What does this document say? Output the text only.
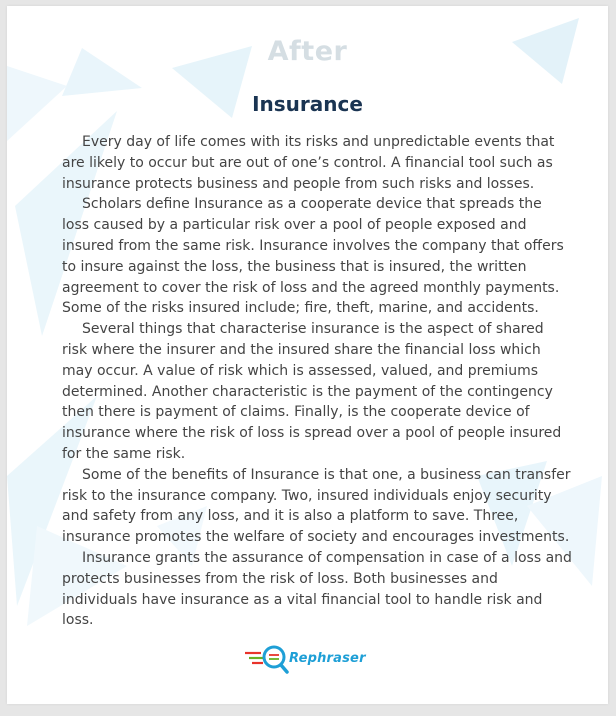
After
Insurance

Every day of life comes with its risks and unpredictable events that are likely to occur but are out of one’s control. A financial tool such as insurance protects business and people from such risks and losses.

Scholars define Insurance as a cooperate device that spreads the loss caused by a particular risk over a pool of people exposed and insured from the same risk. Insurance involves the company that offers to insure against the loss, the business that is insured, the written agreement to cover the risk of loss and the agreed monthly payments. Some of the risks insured include; fire, theft, marine, and accidents.

Several things that characterise insurance is the aspect of shared risk where the insurer and the insured share the financial loss which may occur. A value of risk which is assessed, valued, and premiums determined. Another characteristic is the payment of the contingency then there is payment of claims. Finally, is the cooperate device of insurance where the risk of loss is spread over a pool of people insured for the same risk.

Some of the benefits of Insurance is that one, a business can transfer risk to the insurance company. Two, insured individuals enjoy security and safety from any loss, and it is also a platform to save. Three, insurance promotes the welfare of society and encourages investments.

Insurance grants the assurance of compensation in case of a loss and protects businesses from the risk of loss. Both businesses and individuals have insurance as a vital financial tool to handle risk and loss.

Rephraser
